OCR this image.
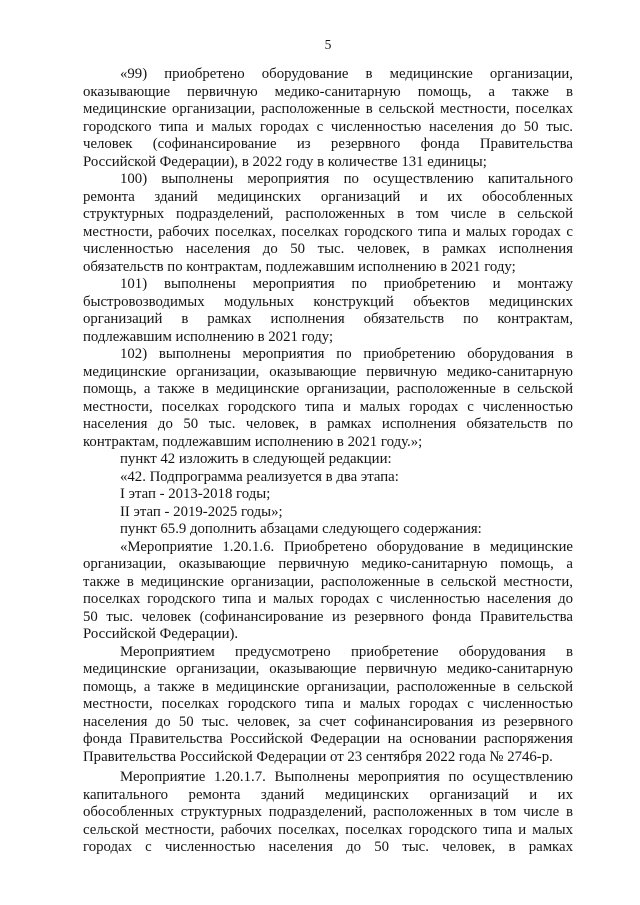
5
«99) приобретено оборудование в медицинские организации,
оказывающие первичную медико-санитарную помощь, а также в
медицинские организации, расположенные в сельской местности, поселках
городского типа и малых городах с численностью населения до 50 тыс.
человек (софинансирование из резервного фонда Правительства
Российской Федерации), в 2022 году в количестве 131 единицы;
100) выполнены мероприятия по осуществлению капитального
ремонта зданий медицинских организаций и их обособленных
структурных подразделений, расположенных в том числе в сельской
местности, рабочих поселках, поселках городского типа и малых городах с
численностью населения до 50 тыс. человек, в рамках исполнения
обязательств по контрактам, подлежавшим исполнению в 2021 году;
101) выполнены мероприятия по приобретению и монтажу
быстровозводимых модульных конструкций объектов медицинских
организаций в рамках исполнения обязательств по контрактам,
подлежавшим исполнению в 2021 году;
102) выполнены мероприятия по приобретению оборудования в
медицинские организации, оказывающие первичную медико-санитарную
помощь, а также в медицинские организации, расположенные в сельской
местности, поселках городского типа и малых городах с численностью
населения до 50 тыс. человек, в рамках исполнения обязательств по
контрактам, подлежавшим исполнению в 2021 году.»;
пункт 42 изложить в следующей редакции:
«42. Подпрограмма реализуется в два этапа:
I этап - 2013-2018 годы;
II этап - 2019-2025 годы»;
пункт 65.9 дополнить абзацами следующего содержания:
«Мероприятие 1.20.1.6. Приобретено оборудование в медицинские
организации, оказывающие первичную медико-санитарную помощь, а
также в медицинские организации, расположенные в сельской местности,
поселках городского типа и малых городах с численностью населения до
50 тыс. человек (софинансирование из резервного фонда Правительства
Российской Федерации).
Мероприятием предусмотрено приобретение оборудования в
медицинские организации, оказывающие первичную медико-санитарную
помощь, а также в медицинские организации, расположенные в сельской
местности, поселках городского типа и малых городах с численностью
населения до 50 тыс. человек, за счет софинансирования из резервного
фонда Правительства Российской Федерации на основании распоряжения
Правительства Российской Федерации от 23 сентября 2022 года № 2746-р.
Мероприятие 1.20.1.7. Выполнены мероприятия по осуществлению
капитального ремонта зданий медицинских организаций и их
обособленных структурных подразделений, расположенных в том числе в
сельской местности, рабочих поселках, поселках городского типа и малых
городах с численностью населения до 50 тыс. человек, в рамках
